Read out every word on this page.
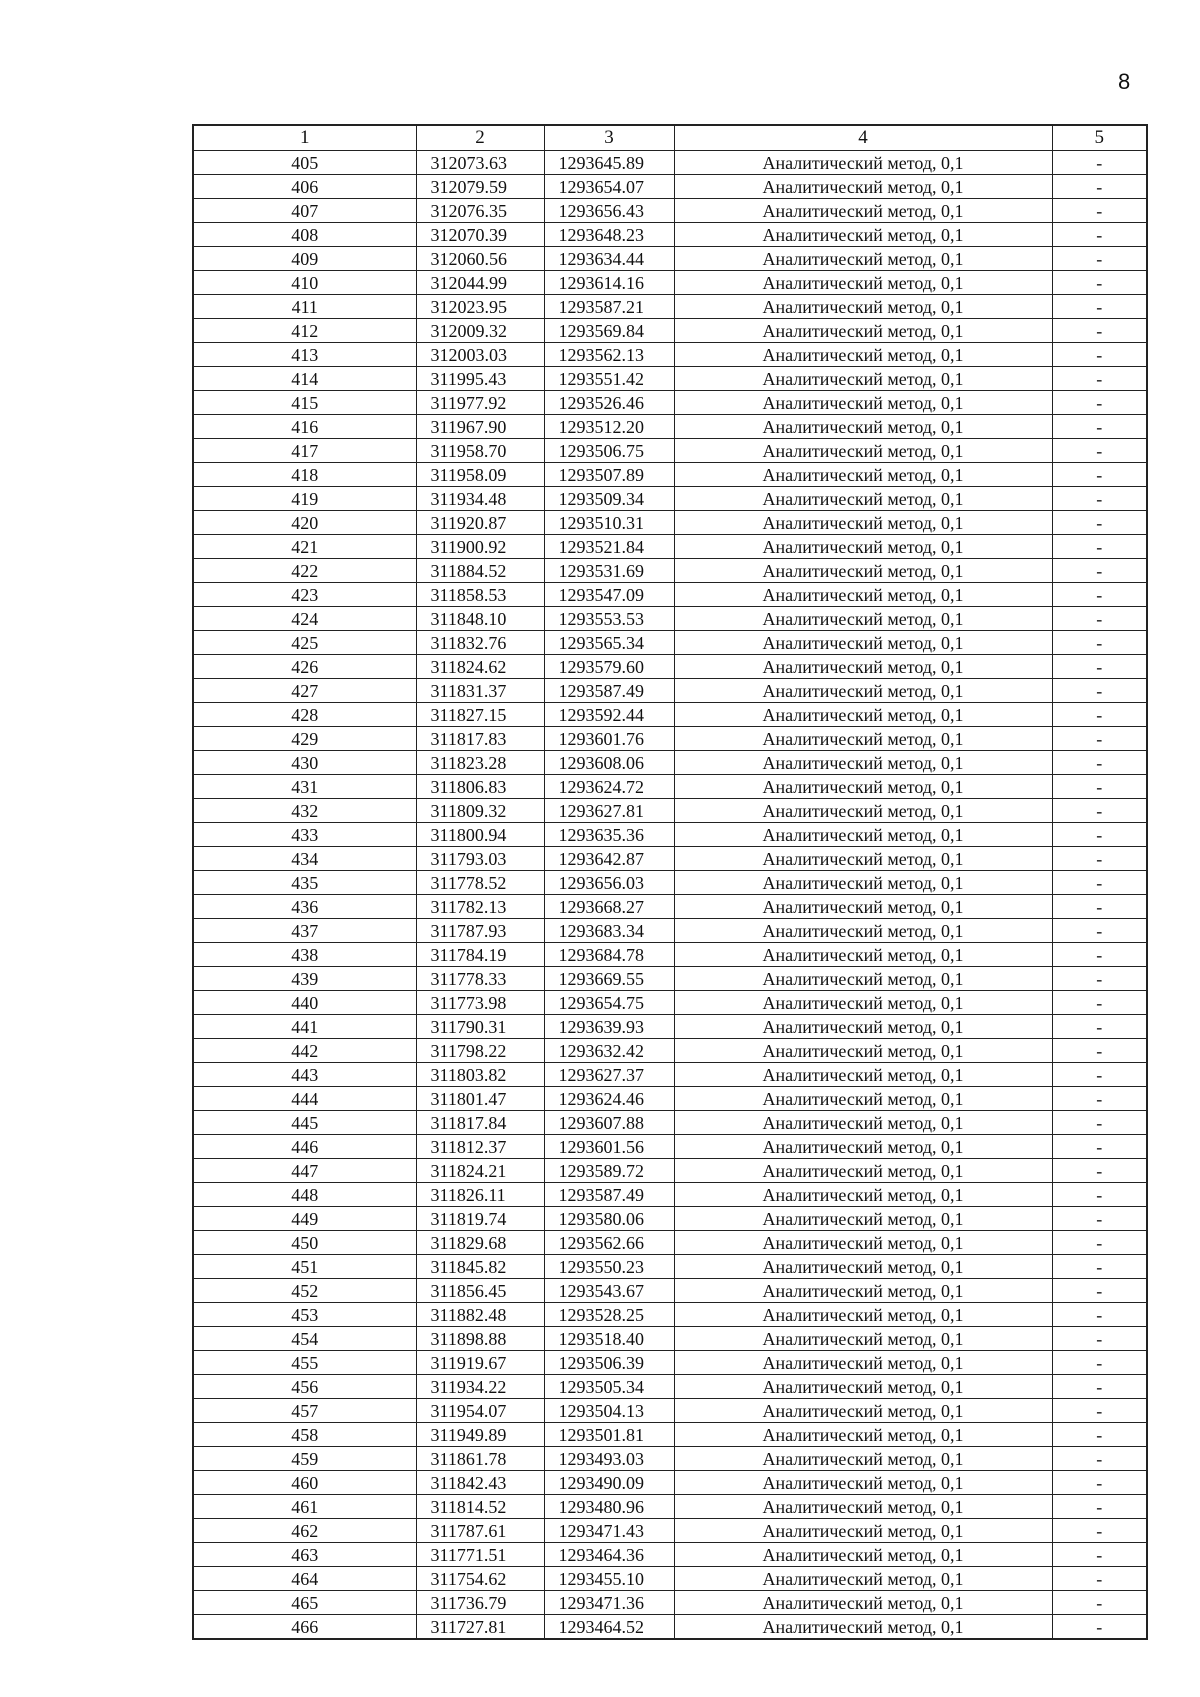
8
1	2	3	4	5
405	312073.63	1293645.89	Аналитический метод, 0,1	-
406	312079.59	1293654.07	Аналитический метод, 0,1	-
407	312076.35	1293656.43	Аналитический метод, 0,1	-
408	312070.39	1293648.23	Аналитический метод, 0,1	-
409	312060.56	1293634.44	Аналитический метод, 0,1	-
410	312044.99	1293614.16	Аналитический метод, 0,1	-
411	312023.95	1293587.21	Аналитический метод, 0,1	-
412	312009.32	1293569.84	Аналитический метод, 0,1	-
413	312003.03	1293562.13	Аналитический метод, 0,1	-
414	311995.43	1293551.42	Аналитический метод, 0,1	-
415	311977.92	1293526.46	Аналитический метод, 0,1	-
416	311967.90	1293512.20	Аналитический метод, 0,1	-
417	311958.70	1293506.75	Аналитический метод, 0,1	-
418	311958.09	1293507.89	Аналитический метод, 0,1	-
419	311934.48	1293509.34	Аналитический метод, 0,1	-
420	311920.87	1293510.31	Аналитический метод, 0,1	-
421	311900.92	1293521.84	Аналитический метод, 0,1	-
422	311884.52	1293531.69	Аналитический метод, 0,1	-
423	311858.53	1293547.09	Аналитический метод, 0,1	-
424	311848.10	1293553.53	Аналитический метод, 0,1	-
425	311832.76	1293565.34	Аналитический метод, 0,1	-
426	311824.62	1293579.60	Аналитический метод, 0,1	-
427	311831.37	1293587.49	Аналитический метод, 0,1	-
428	311827.15	1293592.44	Аналитический метод, 0,1	-
429	311817.83	1293601.76	Аналитический метод, 0,1	-
430	311823.28	1293608.06	Аналитический метод, 0,1	-
431	311806.83	1293624.72	Аналитический метод, 0,1	-
432	311809.32	1293627.81	Аналитический метод, 0,1	-
433	311800.94	1293635.36	Аналитический метод, 0,1	-
434	311793.03	1293642.87	Аналитический метод, 0,1	-
435	311778.52	1293656.03	Аналитический метод, 0,1	-
436	311782.13	1293668.27	Аналитический метод, 0,1	-
437	311787.93	1293683.34	Аналитический метод, 0,1	-
438	311784.19	1293684.78	Аналитический метод, 0,1	-
439	311778.33	1293669.55	Аналитический метод, 0,1	-
440	311773.98	1293654.75	Аналитический метод, 0,1	-
441	311790.31	1293639.93	Аналитический метод, 0,1	-
442	311798.22	1293632.42	Аналитический метод, 0,1	-
443	311803.82	1293627.37	Аналитический метод, 0,1	-
444	311801.47	1293624.46	Аналитический метод, 0,1	-
445	311817.84	1293607.88	Аналитический метод, 0,1	-
446	311812.37	1293601.56	Аналитический метод, 0,1	-
447	311824.21	1293589.72	Аналитический метод, 0,1	-
448	311826.11	1293587.49	Аналитический метод, 0,1	-
449	311819.74	1293580.06	Аналитический метод, 0,1	-
450	311829.68	1293562.66	Аналитический метод, 0,1	-
451	311845.82	1293550.23	Аналитический метод, 0,1	-
452	311856.45	1293543.67	Аналитический метод, 0,1	-
453	311882.48	1293528.25	Аналитический метод, 0,1	-
454	311898.88	1293518.40	Аналитический метод, 0,1	-
455	311919.67	1293506.39	Аналитический метод, 0,1	-
456	311934.22	1293505.34	Аналитический метод, 0,1	-
457	311954.07	1293504.13	Аналитический метод, 0,1	-
458	311949.89	1293501.81	Аналитический метод, 0,1	-
459	311861.78	1293493.03	Аналитический метод, 0,1	-
460	311842.43	1293490.09	Аналитический метод, 0,1	-
461	311814.52	1293480.96	Аналитический метод, 0,1	-
462	311787.61	1293471.43	Аналитический метод, 0,1	-
463	311771.51	1293464.36	Аналитический метод, 0,1	-
464	311754.62	1293455.10	Аналитический метод, 0,1	-
465	311736.79	1293471.36	Аналитический метод, 0,1	-
466	311727.81	1293464.52	Аналитический метод, 0,1	-
